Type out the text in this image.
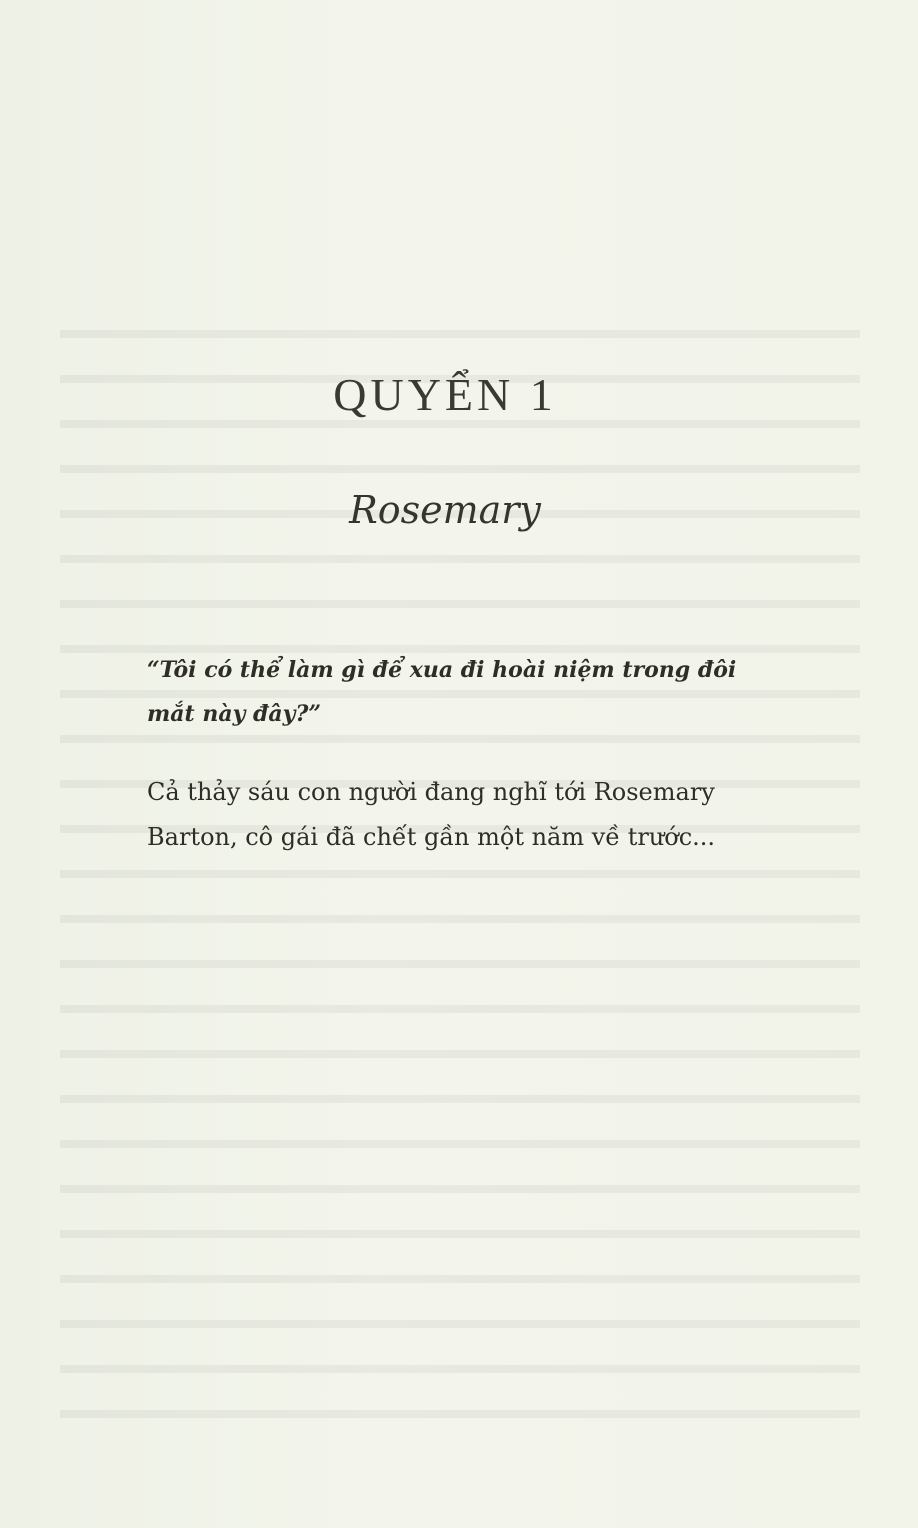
QUYỂN 1
Rosemary

“Tôi có thể làm gì để xua đi hoài niệm trong đôi mắt này đây?”

Cả thảy sáu con người đang nghĩ tới Rosemary Barton, cô gái đã chết gần một năm về trước...
